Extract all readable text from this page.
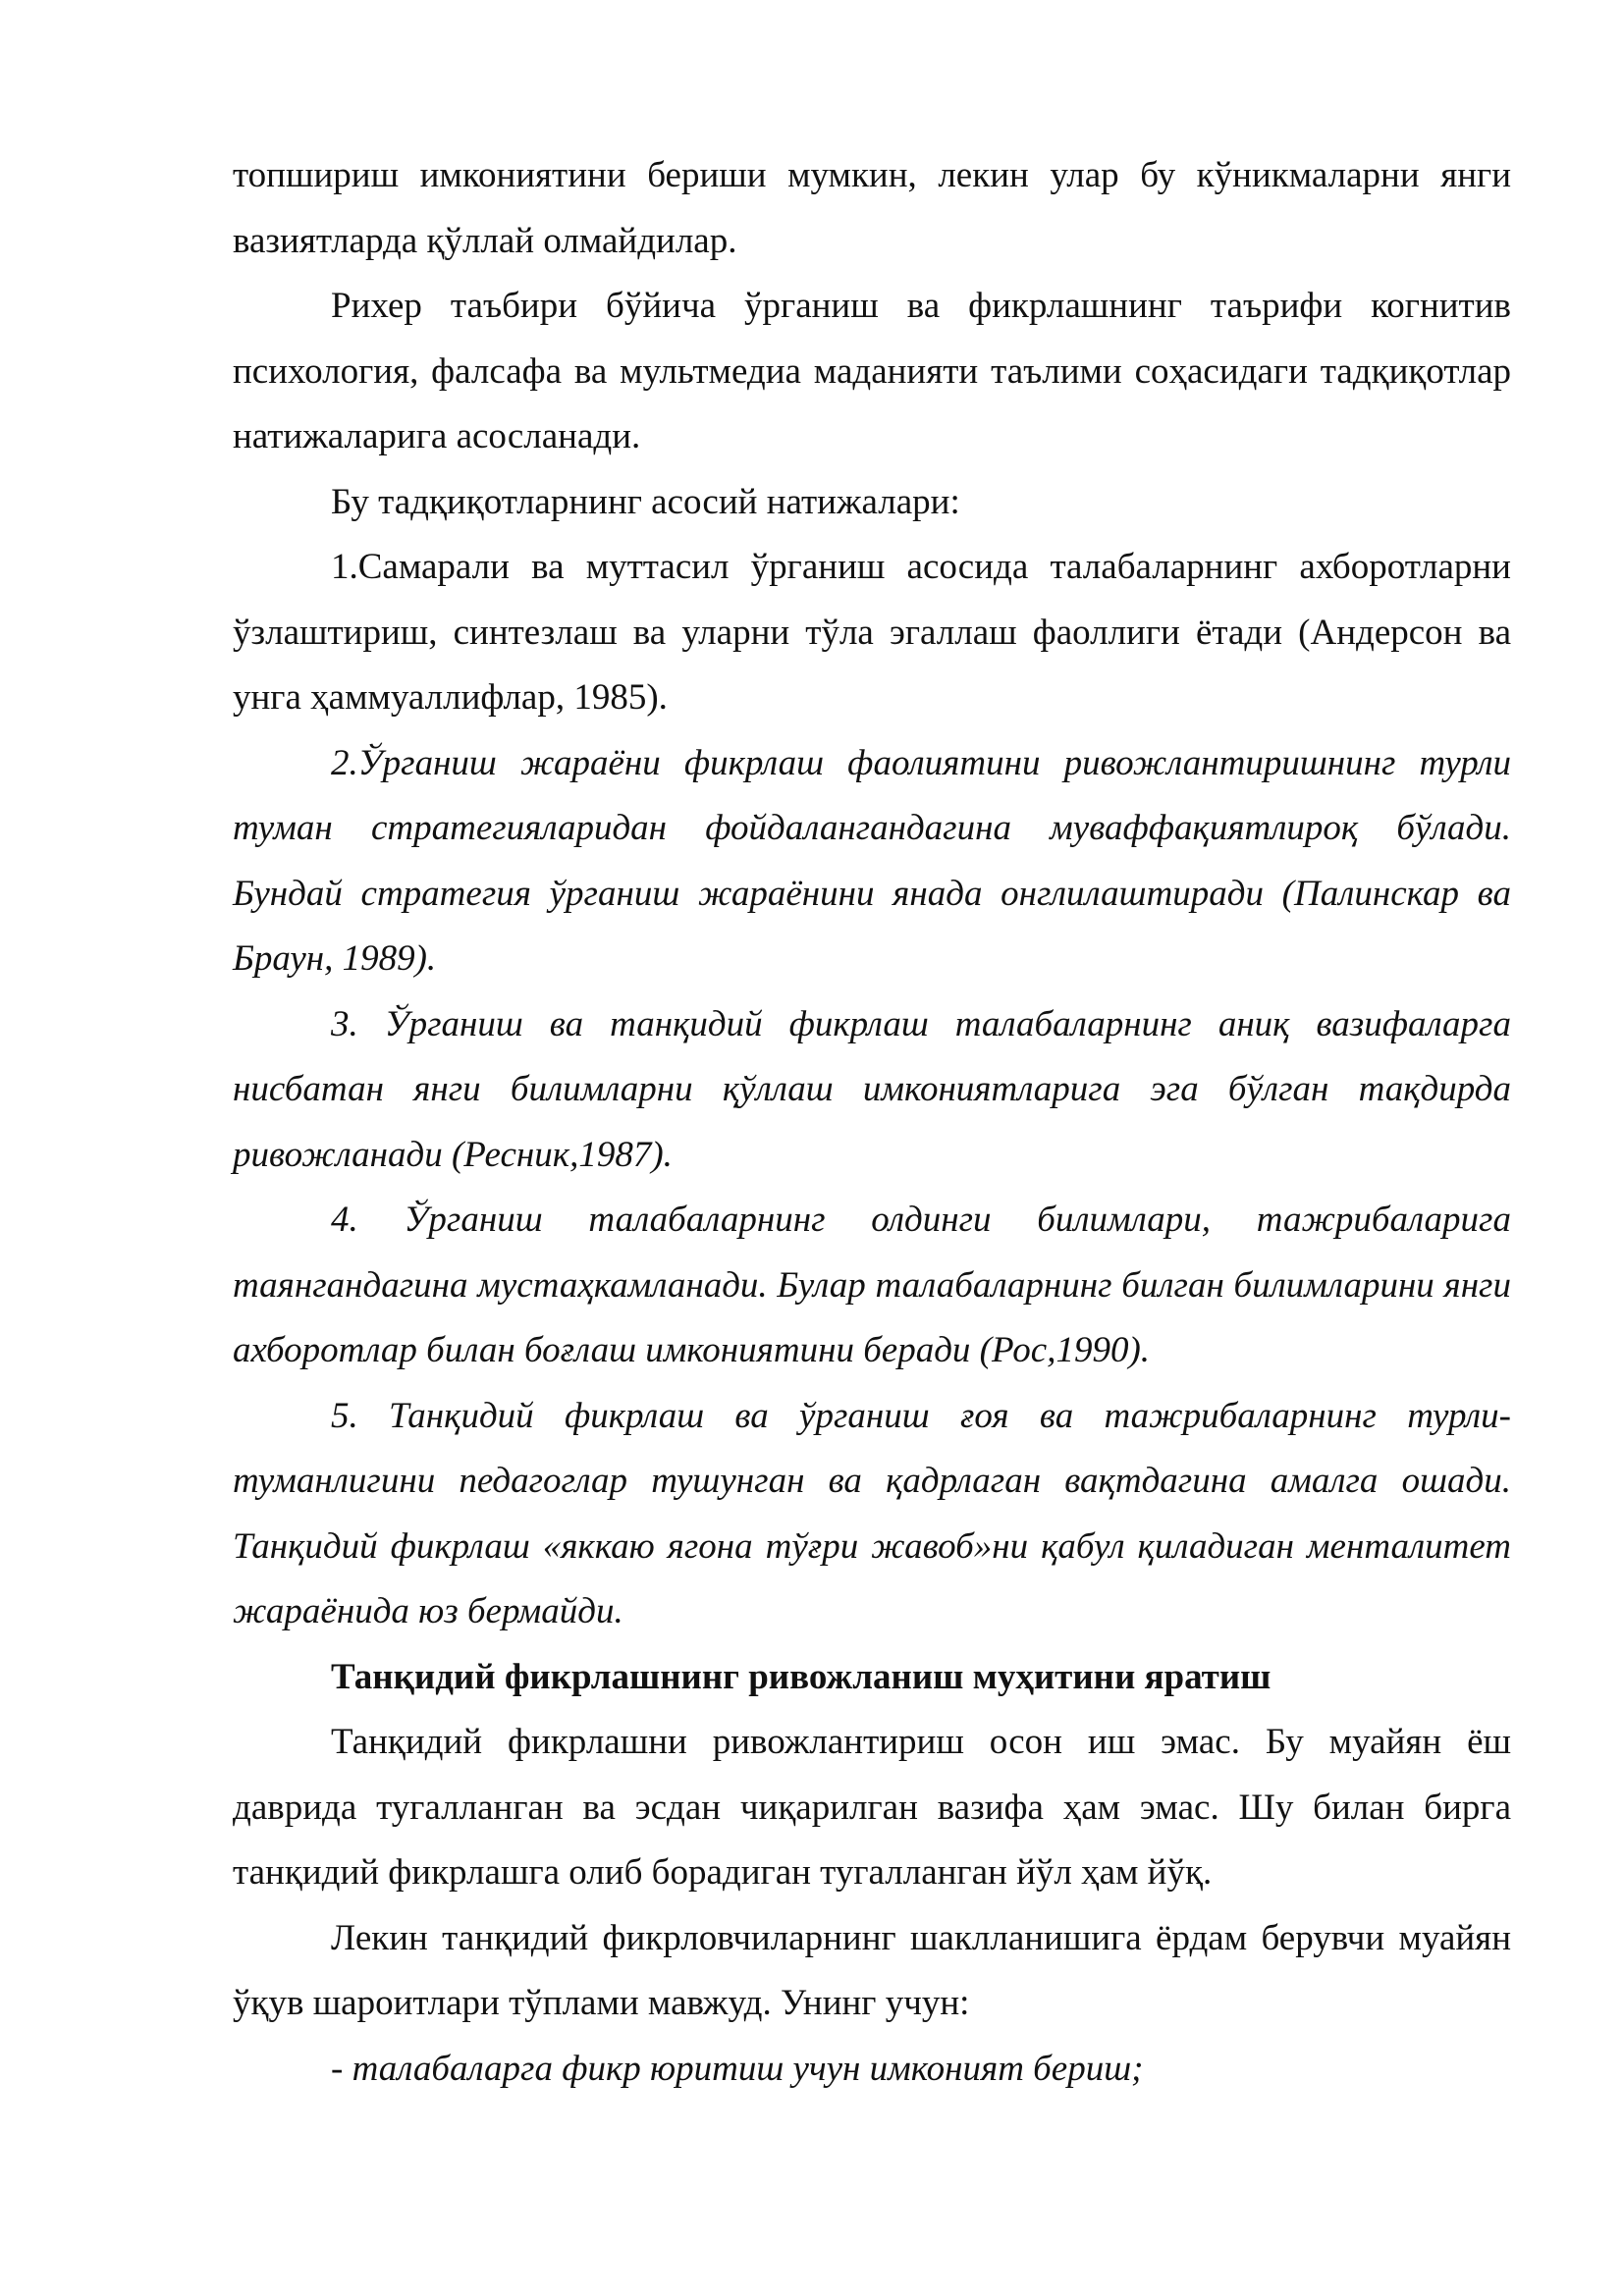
топшириш имкониятини бериши мумкин, лекин улар бу кўникмаларни янги вазиятларда қўллай олмайдилар.

Рихер таъбири бўйича ўрганиш ва фикрлашнинг таърифи когнитив психология, фалсафа ва мультмедиа маданияти таълими соҳасидаги тадқиқотлар натижаларига асосланади.

Бу тадқиқотларнинг асосий натижалари:

1.Самарали ва муттасил ўрганиш асосида талабаларнинг ахборотларни ўзлаштириш, синтезлаш ва уларни тўла эгаллаш фаоллиги ётади (Андерсон ва унга ҳаммуаллифлар, 1985).

2.Ўрганиш жараёни фикрлаш фаолиятини ривожлантиришнинг турли туман стратегияларидан фойдалангандагина муваффақиятлироқ бўлади. Бундай стратегия ўрганиш жараёнини янада онглилаштиради (Палинскар ва Браун, 1989).

3. Ўрганиш ва танқидий фикрлаш талабаларнинг аниқ вазифаларга нисбатан янги билимларни қўллаш имкониятларига эга бўлган тақдирда ривожланади (Ресник,1987).

4. Ўрганиш талабаларнинг олдинги билимлари, тажрибаларига таянгандагина мустаҳкамланади. Булар талабаларнинг билган билимларини янги ахборотлар билан боғлаш имкониятини беради (Рос,1990).

5. Танқидий фикрлаш ва ўрганиш ғоя ва тажрибаларнинг турли-туманлигини педагоглар тушунган ва қадрлаган вақтдагина амалга ошади. Танқидий фикрлаш «яккаю ягона тўғри жавоб»ни қабул қиладиган менталитет жараёнида юз бермайди.

Танқидий фикрлашнинг ривожланиш муҳитини яратиш

Танқидий фикрлашни ривожлантириш осон иш эмас. Бу муайян ёш даврида тугалланган ва эсдан чиқарилган вазифа ҳам эмас. Шу билан бирга танқидий фикрлашга олиб борадиган тугалланган йўл ҳам йўқ.

Лекин танқидий фикрловчиларнинг шаклланишига ёрдам берувчи муайян ўқув шароитлари тўплами мавжуд. Унинг учун:

- талабаларга фикр юритиш учун имконият бериш;
